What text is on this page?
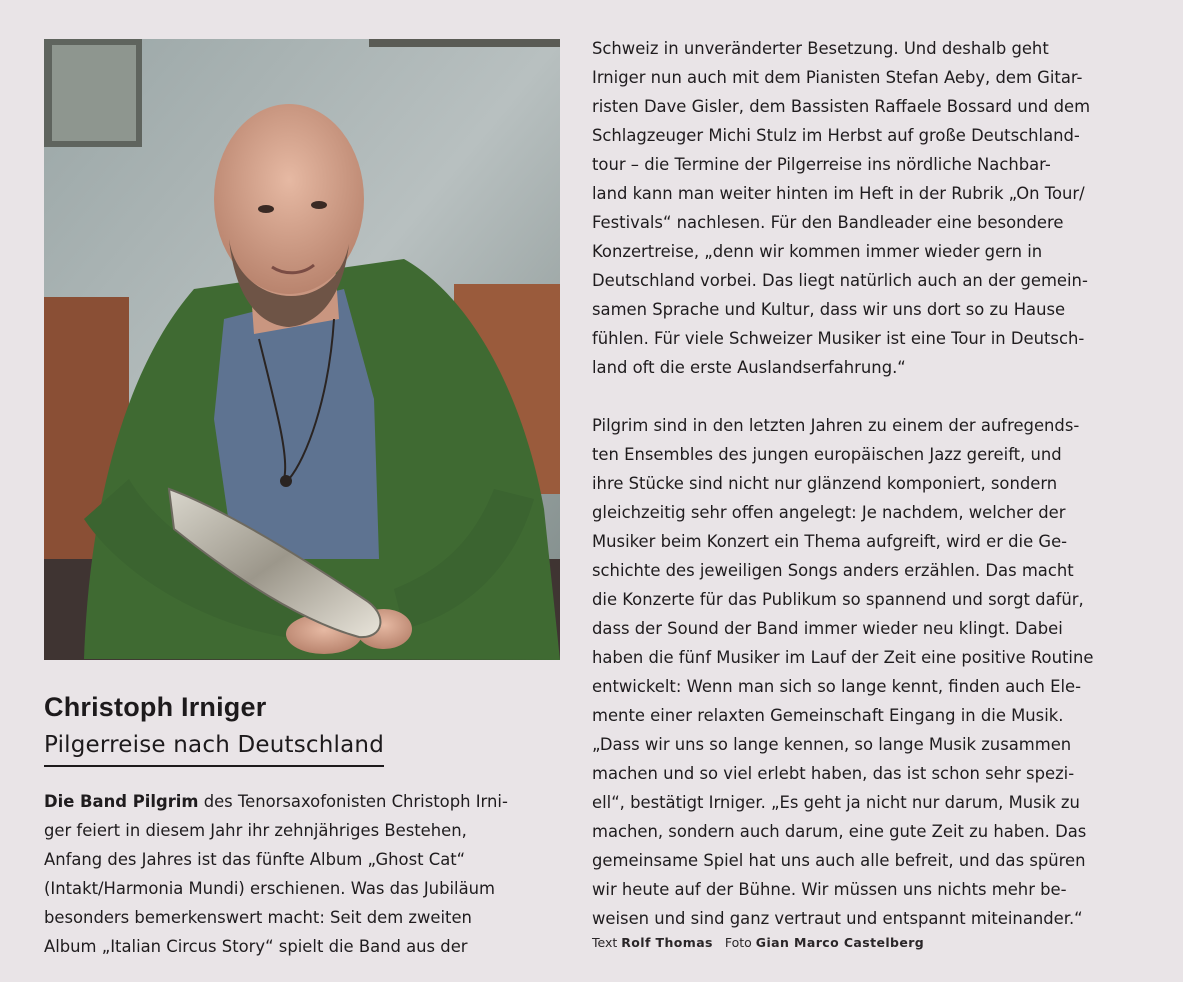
Christoph Irniger
Pilgerreise nach Deutschland
Die Band Pilgrim des Tenorsaxofonisten Christoph Irni-
ger feiert in diesem Jahr ihr zehnjähriges Bestehen,
Anfang des Jahres ist das fünfte Album „Ghost Cat“
(Intakt/Harmonia Mundi) erschienen. Was das Jubiläum
besonders bemerkenswert macht: Seit dem zweiten
Album „Italian Circus Story“ spielt die Band aus der
Schweiz in unveränderter Besetzung. Und deshalb geht
Irniger nun auch mit dem Pianisten Stefan Aeby, dem Gitar-
risten Dave Gisler, dem Bassisten Raffaele Bossard und dem
Schlagzeuger Michi Stulz im Herbst auf große Deutschland-
tour – die Termine der Pilgerreise ins nördliche Nachbar-
land kann man weiter hinten im Heft in der Rubrik „On Tour/
Festivals“ nachlesen. Für den Bandleader eine besondere
Konzertreise, „denn wir kommen immer wieder gern in
Deutschland vorbei. Das liegt natürlich auch an der gemein-
samen Sprache und Kultur, dass wir uns dort so zu Hause
fühlen. Für viele Schweizer Musiker ist eine Tour in Deutsch-
land oft die erste Auslandserfahrung.“
Pilgrim sind in den letzten Jahren zu einem der aufregends-
ten Ensembles des jungen europäischen Jazz gereift, und
ihre Stücke sind nicht nur glänzend komponiert, sondern
gleichzeitig sehr offen angelegt: Je nachdem, welcher der
Musiker beim Konzert ein Thema aufgreift, wird er die Ge-
schichte des jeweiligen Songs anders erzählen. Das macht
die Konzerte für das Publikum so spannend und sorgt dafür,
dass der Sound der Band immer wieder neu klingt. Dabei
haben die fünf Musiker im Lauf der Zeit eine positive Routine
entwickelt: Wenn man sich so lange kennt, finden auch Ele-
mente einer relaxten Gemeinschaft Eingang in die Musik.
„Dass wir uns so lange kennen, so lange Musik zusammen
machen und so viel erlebt haben, das ist schon sehr spezi-
ell“, bestätigt Irniger. „Es geht ja nicht nur darum, Musik zu
machen, sondern auch darum, eine gute Zeit zu haben. Das
gemeinsame Spiel hat uns auch alle befreit, und das spüren
wir heute auf der Bühne. Wir müssen uns nichts mehr be-
weisen und sind ganz vertraut und entspannt miteinander.“
Text Rolf Thomas Foto Gian Marco Castelberg
